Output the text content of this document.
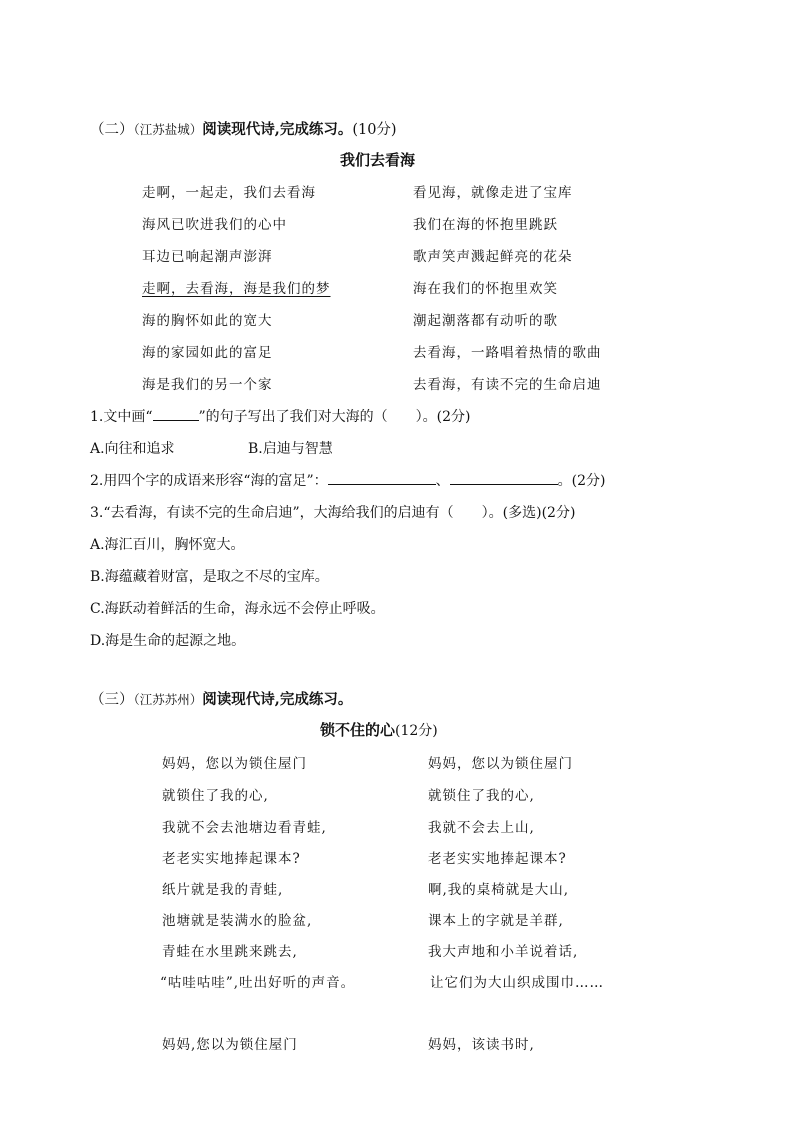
（二）（江苏盐城）阅读现代诗,完成练习。(10分)
我们去看海
走啊，一起走，我们去看海
海风已吹进我们的心中
耳边已响起潮声澎湃
走啊，去看海，海是我们的梦
海的胸怀如此的宽大
海的家园如此的富足
海是我们的另一个家
看见海，就像走进了宝库
我们在海的怀抱里跳跃
歌声笑声溅起鲜亮的花朵
海在我们的怀抱里欢笑
潮起潮落都有动听的歌
去看海，一路唱着热情的歌曲
去看海，有读不完的生命启迪
1.文中画“	”的句子写出了我们对大海的（　　）。(2分)
A.向往和追求	B.启迪与智慧
2.用四个字的成语来形容“海的富足”：	、	。(2分)
3.“去看海，有读不完的生命启迪”，大海给我们的启迪有（　　）。(多选)(2分)
A.海汇百川，胸怀宽大。
B.海蕴藏着财富，是取之不尽的宝库。
C.海跃动着鲜活的生命，海永远不会停止呼吸。
D.海是生命的起源之地。
（三）（江苏苏州）阅读现代诗,完成练习。
锁不住的心(12分)
妈妈，您以为锁住屋门
就锁住了我的心,
我就不会去池塘边看青蛙,
老老实实地捧起课本?
纸片就是我的青蛙,
池塘就是装满水的脸盆,
青蛙在水里跳来跳去,
“咕哇咕哇”,吐出好听的声音。
妈妈,您以为锁住屋门
妈妈，您以为锁住屋门
就锁住了我的心,
我就不会去上山,
老老实实地捧起课本?
啊,我的桌椅就是大山,
课本上的字就是羊群,
我大声地和小羊说着话,
让它们为大山织成围巾……
妈妈，该读书时,
